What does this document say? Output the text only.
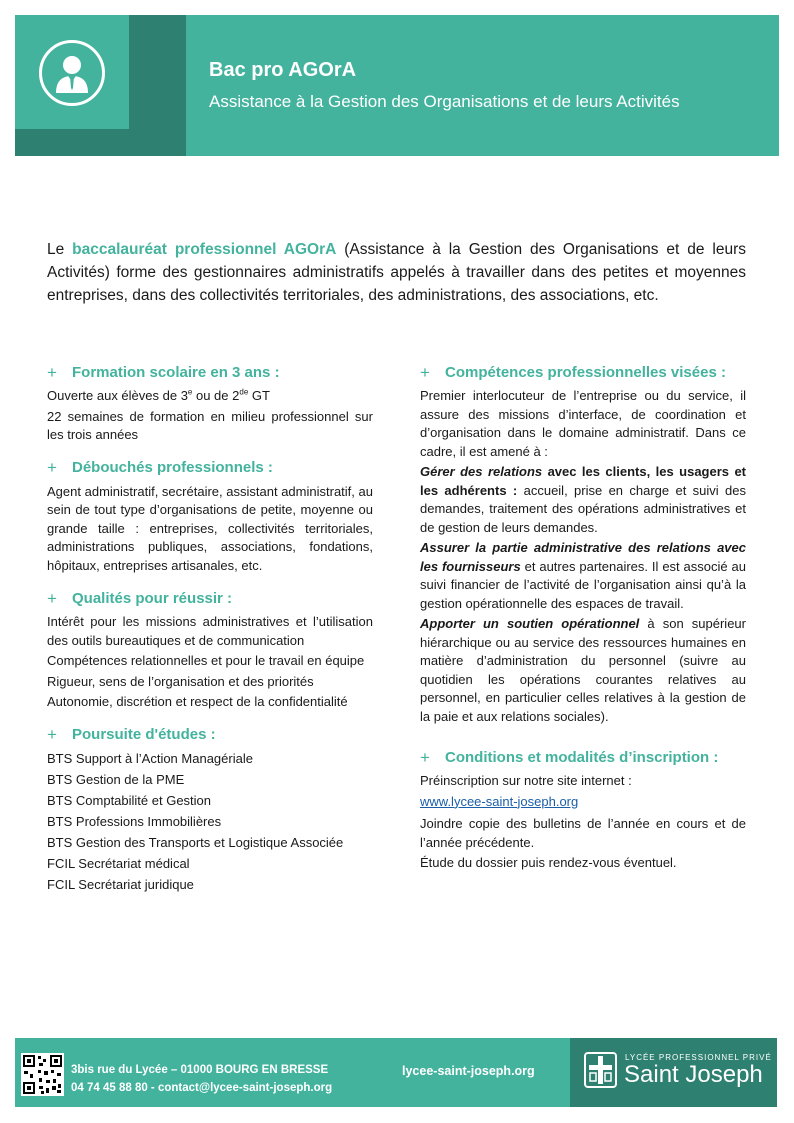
Bac pro AGOrA

Assistance à la Gestion des Organisations et de leurs Activités

Le baccalauréat professionnel AGOrA (Assistance à la Gestion des Organisations et de leurs Activités) forme des gestionnaires administratifs appelés à travailler dans des petites et moyennes entreprises, dans des collectivités territoriales, des administrations, des associations, etc.

+	Formation scolaire en 3 ans :

Ouverte aux élèves de 3e ou de 2de GT

22 semaines de formation en milieu professionnel sur les trois années

+	Débouchés professionnels :

Agent administratif, secrétaire, assistant administratif, au sein de tout type d’organisations de petite, moyenne ou grande taille : entreprises, collectivités territoriales, administrations publiques, associations, fondations, hôpitaux, entreprises artisanales, etc.

+	Qualités pour réussir :

Intérêt pour les missions administratives et l’utilisation des outils bureautiques et de communication

Compétences relationnelles et pour le travail en équipe

Rigueur, sens de l’organisation et des priorités

Autonomie, discrétion et respect de la confidentialité

+	Poursuite d'études :

BTS Support à l’Action Managériale

BTS Gestion de la PME

BTS Comptabilité et Gestion

BTS Professions Immobilières

BTS Gestion des Transports et Logistique Associée

FCIL Secrétariat médical

FCIL Secrétariat juridique

+	Compétences professionnelles visées :

Premier interlocuteur de l’entreprise ou du service, il assure des missions d’interface, de coordination et d’organisation dans le domaine administratif. Dans ce cadre, il est amené à :

Gérer des relations avec les clients, les usagers et les adhérents : accueil, prise en charge et suivi des demandes, traitement des opérations administratives et de gestion de leurs demandes.

Assurer la partie administrative des relations avec les fournisseurs et autres partenaires. Il est associé au suivi financier de l’activité de l’organisation ainsi qu’à la gestion opérationnelle des espaces de travail.

Apporter un soutien opérationnel à son supérieur hiérarchique ou au service des ressources humaines en matière d’administration du personnel (suivre au quotidien les opérations courantes relatives au personnel, en particulier celles relatives à la gestion de la paie et aux relations sociales).

+	Conditions et modalités d’inscription :

Préinscription sur notre site internet :

www.lycee-saint-joseph.org

Joindre copie des bulletins de l’année en cours et de l’année précédente.

Étude du dossier puis rendez-vous éventuel.

3bis rue du Lycée – 01000 BOURG EN BRESSE
04 74 45 88 80 - contact@lycee-saint-joseph.org
lycee-saint-joseph.org
LYCÉE PROFESSIONNEL PRIVÉ
Saint Joseph
